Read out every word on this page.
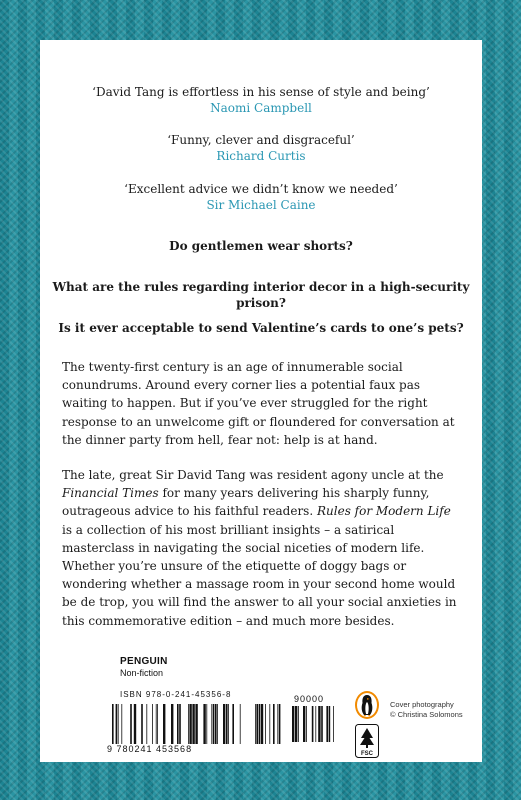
‘David Tang is effortless in his sense of style and being’
Naomi Campbell
‘Funny, clever and disgraceful’
Richard Curtis
‘Excellent advice we didn’t know we needed’
Sir Michael Caine
Do gentlemen wear shorts?
What are the rules regarding interior decor in a high-security prison?
Is it ever acceptable to send Valentine’s cards to one’s pets?

The twenty-first century is an age of innumerable social conundrums. Around every corner lies a potential faux pas waiting to happen. But if you’ve ever struggled for the right response to an unwelcome gift or floundered for conversation at the dinner party from hell, fear not: help is at hand.

The late, great Sir David Tang was resident agony uncle at the Financial Times for many years delivering his sharply funny, outrageous advice to his faithful readers. Rules for Modern Life is a collection of his most brilliant insights – a satirical masterclass in navigating the social niceties of modern life. Whether you’re unsure of the etiquette of doggy bags or wondering whether a massage room in your second home would be de trop, you will find the answer to all your social anxieties in this commemorative edition – and much more besides.

PENGUIN
Non-fiction
ISBN 978-0-241-45356-8
9 780241 453568
90000
FSC
Cover photography
© Christina Solomons
